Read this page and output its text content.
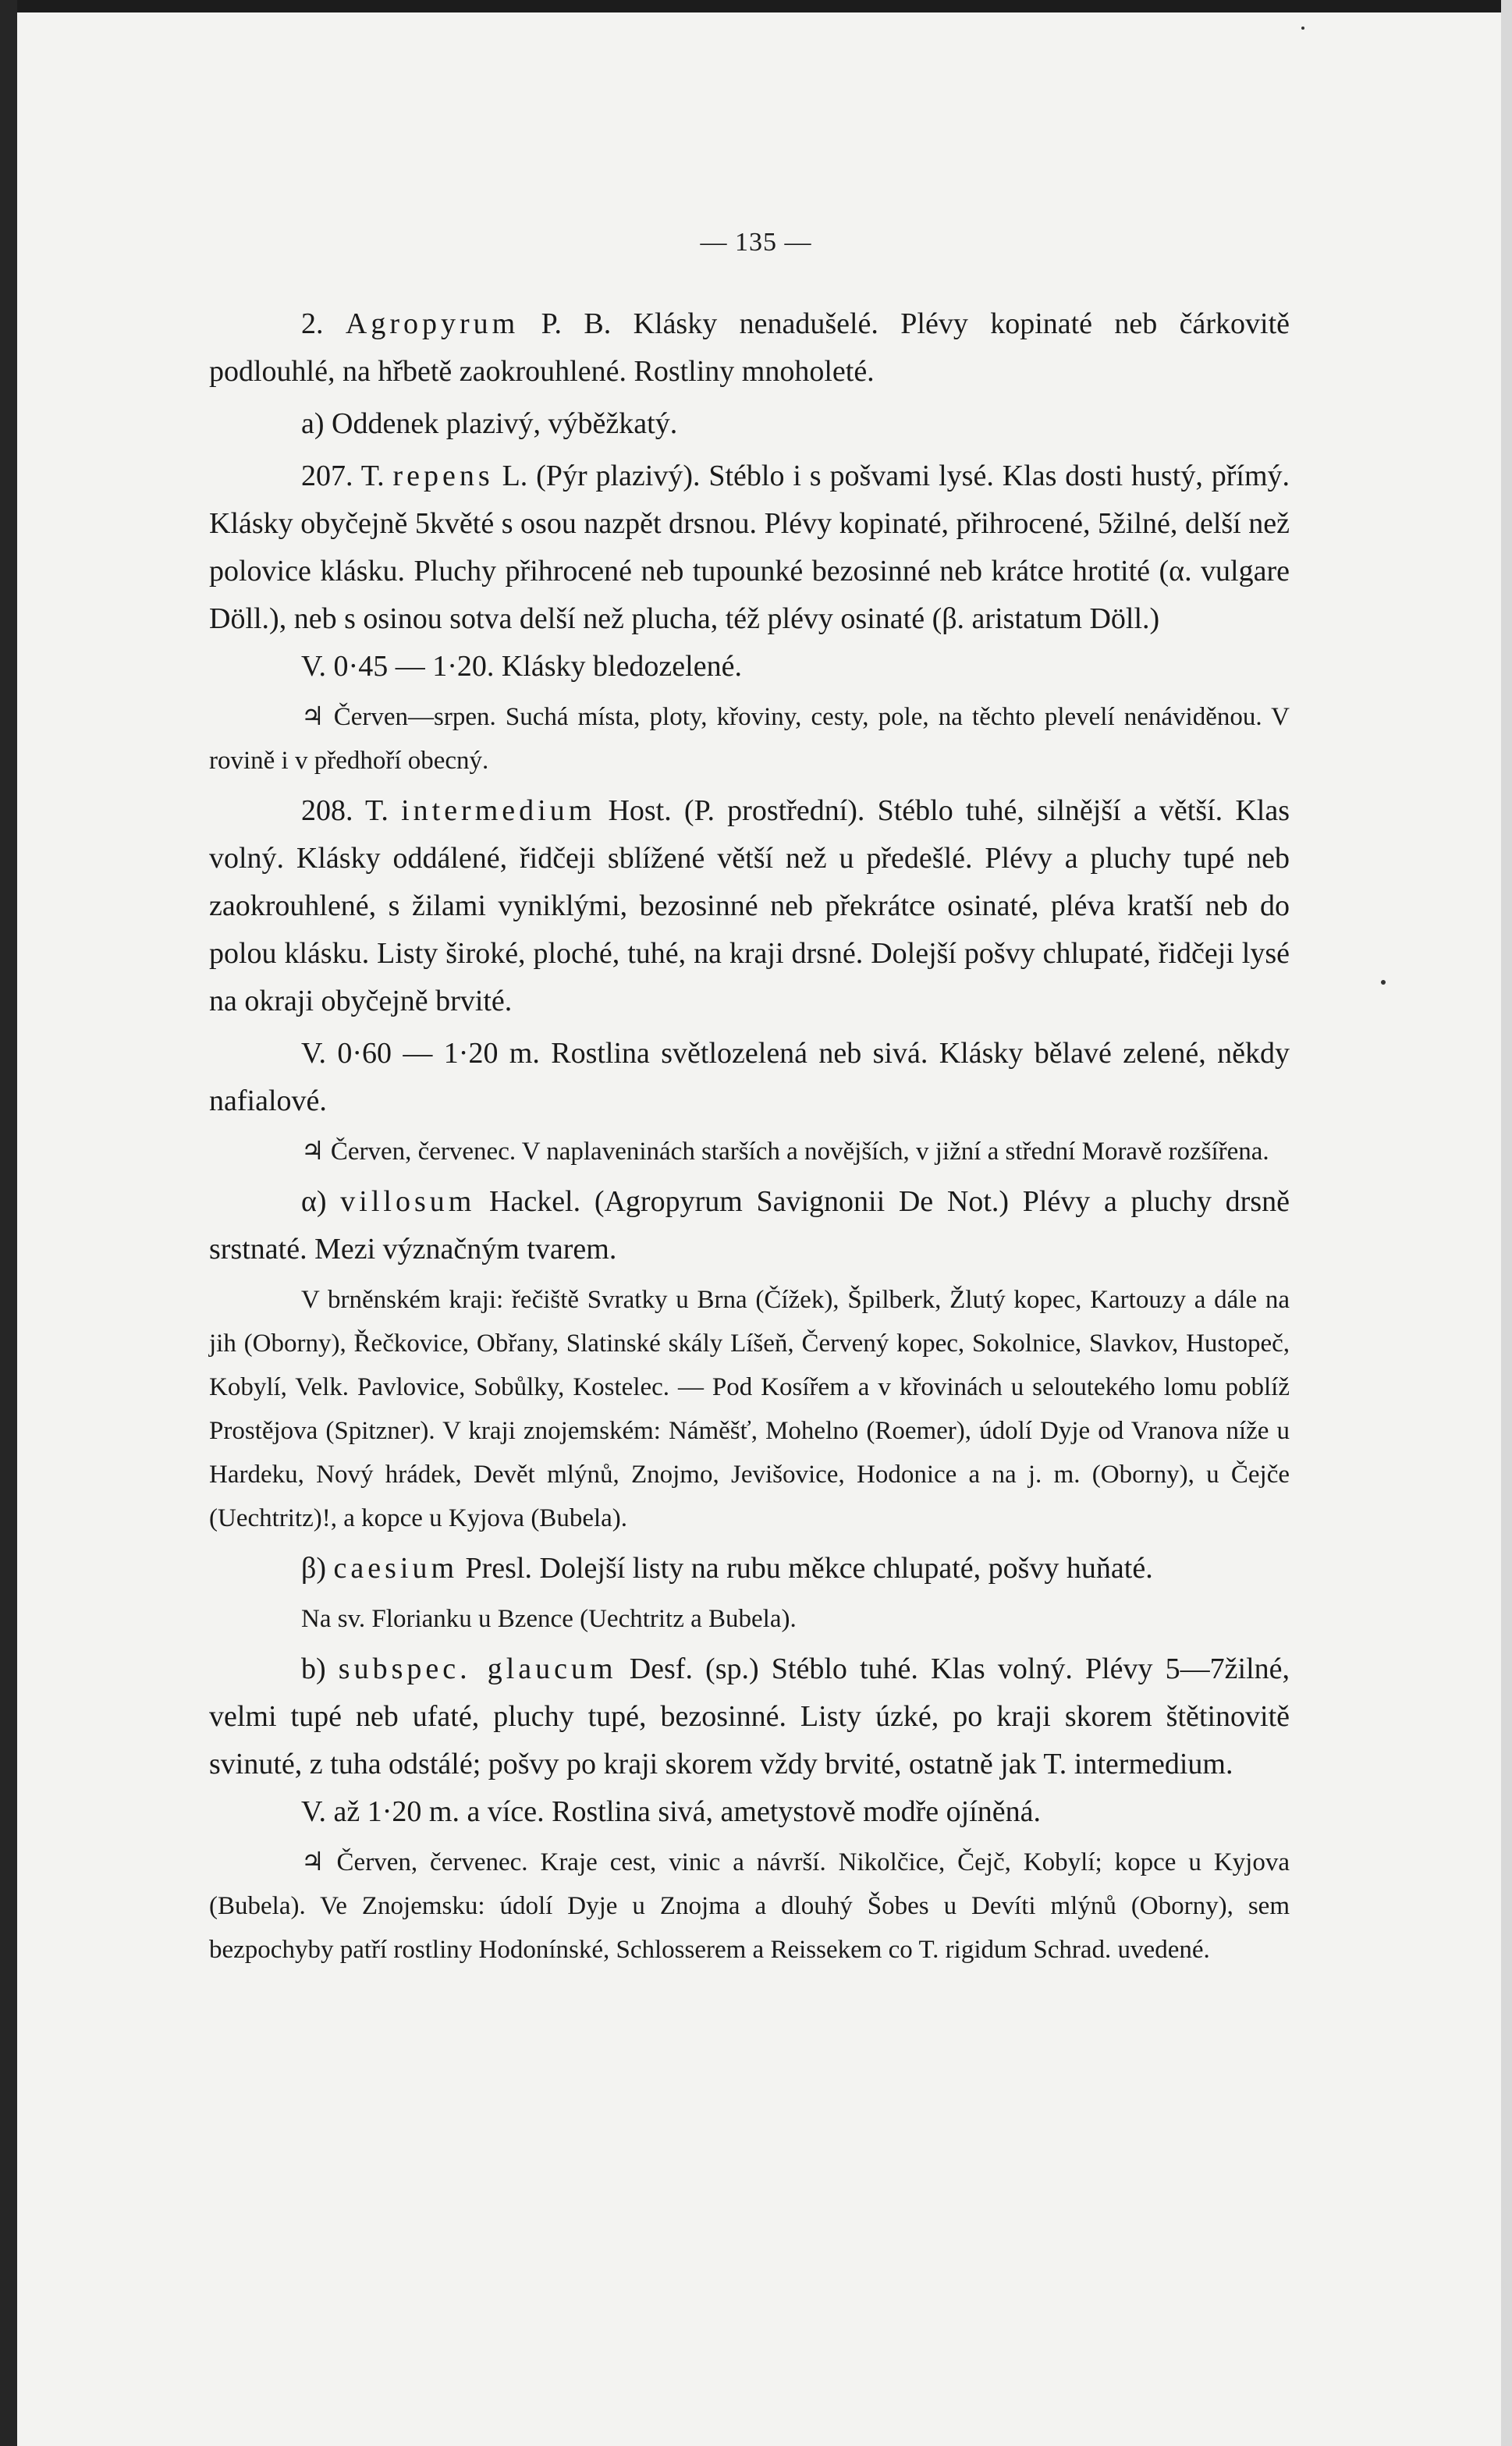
— 135 —

2. Agropyrum P. B. Klásky nenadušelé. Plévy kopinaté neb čárkovitě podlouhlé, na hřbetě zaokrouhlené. Rostliny mnoholeté.

a) Oddenek plazivý, výběžkatý.

207. T. repens L. (Pýr plazivý). Stéblo i s pošvami lysé. Klas dosti hustý, přímý. Klásky obyčejně 5květé s osou nazpět drsnou. Plévy kopinaté, přihrocené, 5žilné, delší než polovice klásku. Pluchy přihrocené neb tupounké bezosinné neb krátce hrotité (α. vulgare Döll.), neb s osinou sotva delší než plucha, též plévy osinaté (β. aristatum Döll.)

V. 0·45 — 1·20. Klásky bledozelené.

♃ Červen—srpen. Suchá místa, ploty, křoviny, cesty, pole, na těchto plevelí nenáviděnou. V rovině i v předhoří obecný.

208. T. intermedium Host. (P. prostřední). Stéblo tuhé, silnější a větší. Klas volný. Klásky oddálené, řidčeji sblížené větší než u předešlé. Plévy a pluchy tupé neb zaokrouhlené, s žilami vyniklými, bezosinné neb překrátce osinaté, pléva kratší neb do polou klásku. Listy široké, ploché, tuhé, na kraji drsné. Dolejší pošvy chlupaté, řidčeji lysé na okraji obyčejně brvité.

V. 0·60 — 1·20 m. Rostlina světlozelená neb sivá. Klásky bělavé zelené, někdy nafialové.

♃ Červen, červenec. V naplaveninách starších a novějších, v jižní a střední Moravě rozšířena.

α) villosum Hackel. (Agropyrum Savignonii De Not.) Plévy a pluchy drsně srstnaté. Mezi význačným tvarem.

V brněnském kraji: řečiště Svratky u Brna (Čížek), Špilberk, Žlutý kopec, Kartouzy a dále na jih (Oborny), Řečkovice, Obřany, Slatinské skály Líšeň, Červený kopec, Sokolnice, Slavkov, Hustopeč, Kobylí, Velk. Pavlovice, Sobůlky, Kostelec. — Pod Kosířem a v křovinách u seloutekého lomu poblíž Prostějova (Spitzner). V kraji znojemském: Náměšť, Mohelno (Roemer), údolí Dyje od Vranova níže u Hardeku, Nový hrádek, Devět mlýnů, Znojmo, Jevišovice, Hodonice a na j. m. (Oborny), u Čejče (Uechtritz)!, a kopce u Kyjova (Bubela).

β) caesium Presl. Dolejší listy na rubu měkce chlupaté, pošvy huňaté.

Na sv. Florianku u Bzence (Uechtritz a Bubela).

b) subspec. glaucum Desf. (sp.) Stéblo tuhé. Klas volný. Plévy 5—7žilné, velmi tupé neb ufaté, pluchy tupé, bezosinné. Listy úzké, po kraji skorem štětinovitě svinuté, z tuha odstálé; pošvy po kraji skorem vždy brvité, ostatně jak T. intermedium.

V. až 1·20 m. a více. Rostlina sivá, ametystově modře ojíněná.

♃ Červen, červenec. Kraje cest, vinic a návrší. Nikolčice, Čejč, Kobylí; kopce u Kyjova (Bubela). Ve Znojemsku: údolí Dyje u Znojma a dlouhý Šobes u Devíti mlýnů (Oborny), sem bezpochyby patří rostliny Hodonínské, Schlosserem a Reissekem co T. rigidum Schrad. uvedené.
